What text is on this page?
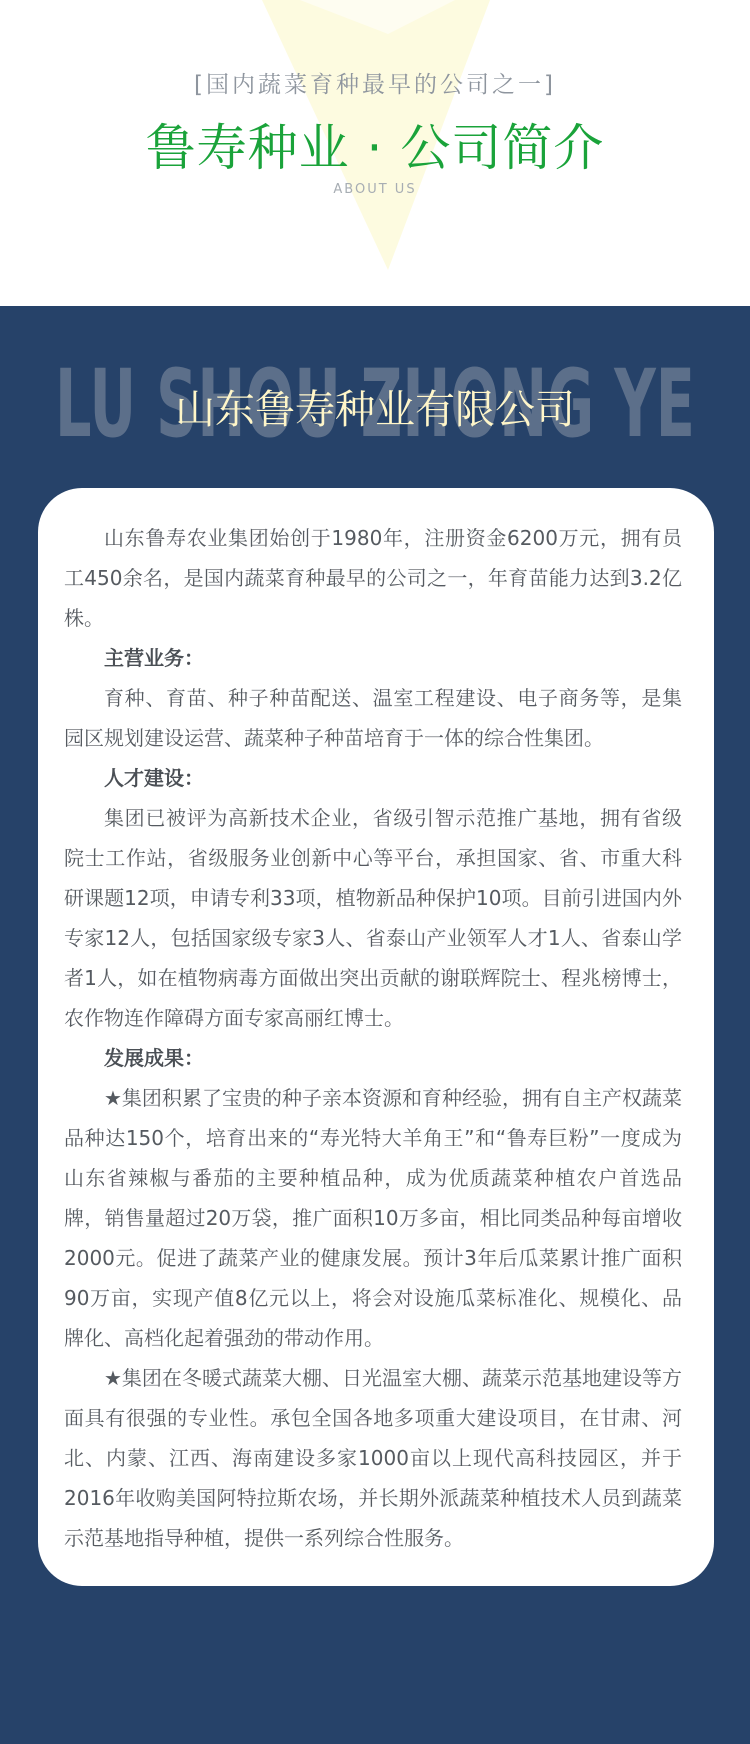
[国内蔬菜育种最早的公司之一]
鲁寿种业 · 公司简介
ABOUT US
LU SHOU ZHONG YE
山东鲁寿种业有限公司

山东鲁寿农业集团始创于1980年，注册资金6200万元，拥有员工450余名，是国内蔬菜育种最早的公司之一，年育苗能力达到3.2亿株。

主营业务：

育种、育苗、种子种苗配送、温室工程建设、电子商务等，是集园区规划建设运营、蔬菜种子种苗培育于一体的综合性集团。

人才建设：

集团已被评为高新技术企业，省级引智示范推广基地，拥有省级院士工作站，省级服务业创新中心等平台，承担国家、省、市重大科研课题12项，申请专利33项，植物新品种保护10项。目前引进国内外专家12人，包括国家级专家3人、省泰山产业领军人才1人、省泰山学者1人，如在植物病毒方面做出突出贡献的谢联辉院士、程兆榜博士，农作物连作障碍方面专家高丽红博士。

发展成果：

★集团积累了宝贵的种子亲本资源和育种经验，拥有自主产权蔬菜品种达150个，培育出来的“寿光特大羊角王”和“鲁寿巨粉”一度成为山东省辣椒与番茄的主要种植品种，成为优质蔬菜种植农户首选品牌，销售量超过20万袋，推广面积10万多亩，相比同类品种每亩增收2000元。促进了蔬菜产业的健康发展。预计3年后瓜菜累计推广面积90万亩，实现产值8亿元以上，将会对设施瓜菜标准化、规模化、品牌化、高档化起着强劲的带动作用。

★集团在冬暖式蔬菜大棚、日光温室大棚、蔬菜示范基地建设等方面具有很强的专业性。承包全国各地多项重大建设项目，在甘肃、河北、内蒙、江西、海南建设多家1000亩以上现代高科技园区，并于2016年收购美国阿特拉斯农场，并长期外派蔬菜种植技术人员到蔬菜示范基地指导种植，提供一系列综合性服务。
